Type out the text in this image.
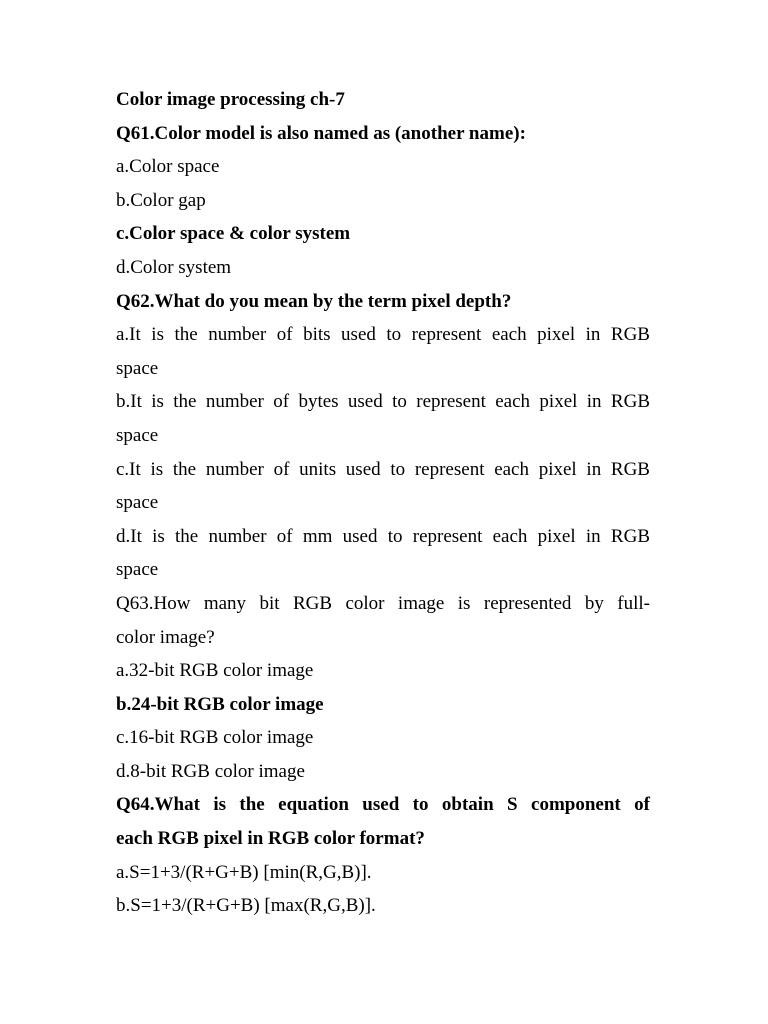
Color image processing ch-7
Q61.Color model is also named as (another name):
a.Color space
b.Color gap
c.Color space & color system
d.Color system
Q62.What do you mean by the term pixel depth?
a.It is the number of bits used to represent each pixel in RGB
space
b.It is the number of bytes used to represent each pixel in RGB
space
c.It is the number of units used to represent each pixel in RGB
space
d.It is the number of mm used to represent each pixel in RGB
space
Q63.How many bit RGB color image is represented by full-
color image?
a.32-bit RGB color image
b.24-bit RGB color image
c.16-bit RGB color image
d.8-bit RGB color image
Q64.What is the equation used to obtain S component of
each RGB pixel in RGB color format?
a.S=1+3/(R+G+B) [min(R,G,B)].
b.S=1+3/(R+G+B) [max(R,G,B)].
